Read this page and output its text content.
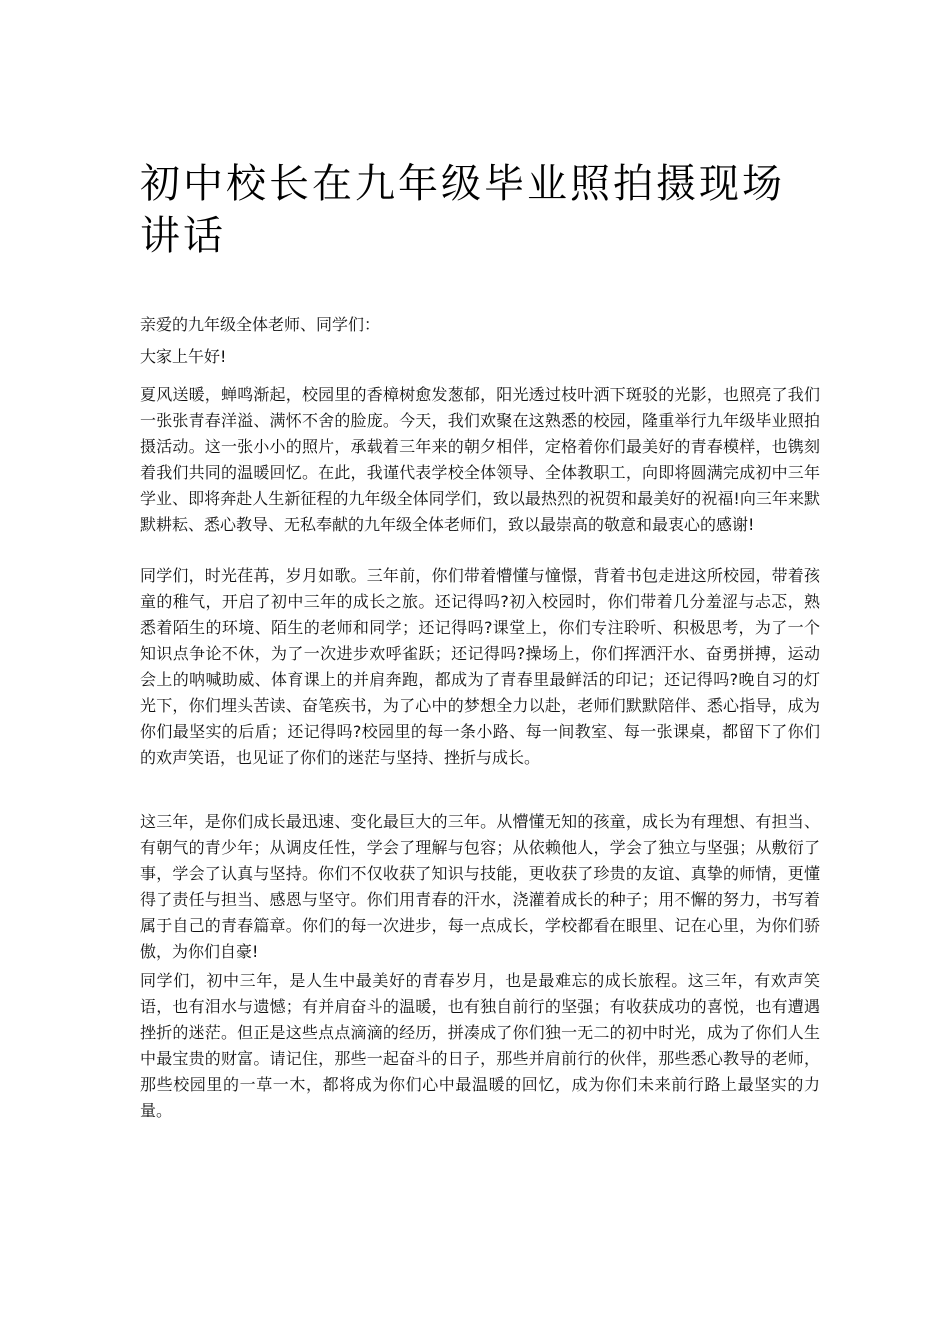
初中校长在九年级毕业照拍摄现场讲话

亲爱的九年级全体老师、同学们：

大家上午好!

夏风送暖，蝉鸣渐起，校园里的香樟树愈发葱郁，阳光透过枝叶洒下斑驳的光影，也照亮了我们一张张青春洋溢、满怀不舍的脸庞。今天，我们欢聚在这熟悉的校园，隆重举行九年级毕业照拍摄活动。这一张小小的照片，承载着三年来的朝夕相伴，定格着你们最美好的青春模样，也镌刻着我们共同的温暖回忆。在此，我谨代表学校全体领导、全体教职工，向即将圆满完成初中三年学业、即将奔赴人生新征程的九年级全体同学们，致以最热烈的祝贺和最美好的祝福!向三年来默默耕耘、悉心教导、无私奉献的九年级全体老师们，致以最崇高的敬意和最衷心的感谢!

同学们，时光荏苒，岁月如歌。三年前，你们带着懵懂与憧憬，背着书包走进这所校园，带着孩童的稚气，开启了初中三年的成长之旅。还记得吗?初入校园时，你们带着几分羞涩与忐忑，熟悉着陌生的环境、陌生的老师和同学；还记得吗?课堂上，你们专注聆听、积极思考，为了一个知识点争论不休，为了一次进步欢呼雀跃；还记得吗?操场上，你们挥洒汗水、奋勇拼搏，运动会上的呐喊助威、体育课上的并肩奔跑，都成为了青春里最鲜活的印记；还记得吗?晚自习的灯光下，你们埋头苦读、奋笔疾书，为了心中的梦想全力以赴，老师们默默陪伴、悉心指导，成为你们最坚实的后盾；还记得吗?校园里的每一条小路、每一间教室、每一张课桌，都留下了你们的欢声笑语，也见证了你们的迷茫与坚持、挫折与成长。

这三年，是你们成长最迅速、变化最巨大的三年。从懵懂无知的孩童，成长为有理想、有担当、有朝气的青少年；从调皮任性，学会了理解与包容；从依赖他人，学会了独立与坚强；从敷衍了事，学会了认真与坚持。你们不仅收获了知识与技能，更收获了珍贵的友谊、真挚的师情，更懂得了责任与担当、感恩与坚守。你们用青春的汗水，浇灌着成长的种子；用不懈的努力，书写着属于自己的青春篇章。你们的每一次进步，每一点成长，学校都看在眼里、记在心里，为你们骄傲，为你们自豪!

同学们，初中三年，是人生中最美好的青春岁月，也是最难忘的成长旅程。这三年，有欢声笑语，也有泪水与遗憾；有并肩奋斗的温暖，也有独自前行的坚强；有收获成功的喜悦，也有遭遇挫折的迷茫。但正是这些点点滴滴的经历，拼凑成了你们独一无二的初中时光，成为了你们人生中最宝贵的财富。请记住，那些一起奋斗的日子，那些并肩前行的伙伴，那些悉心教导的老师，那些校园里的一草一木，都将成为你们心中最温暖的回忆，成为你们未来前行路上最坚实的力量。
